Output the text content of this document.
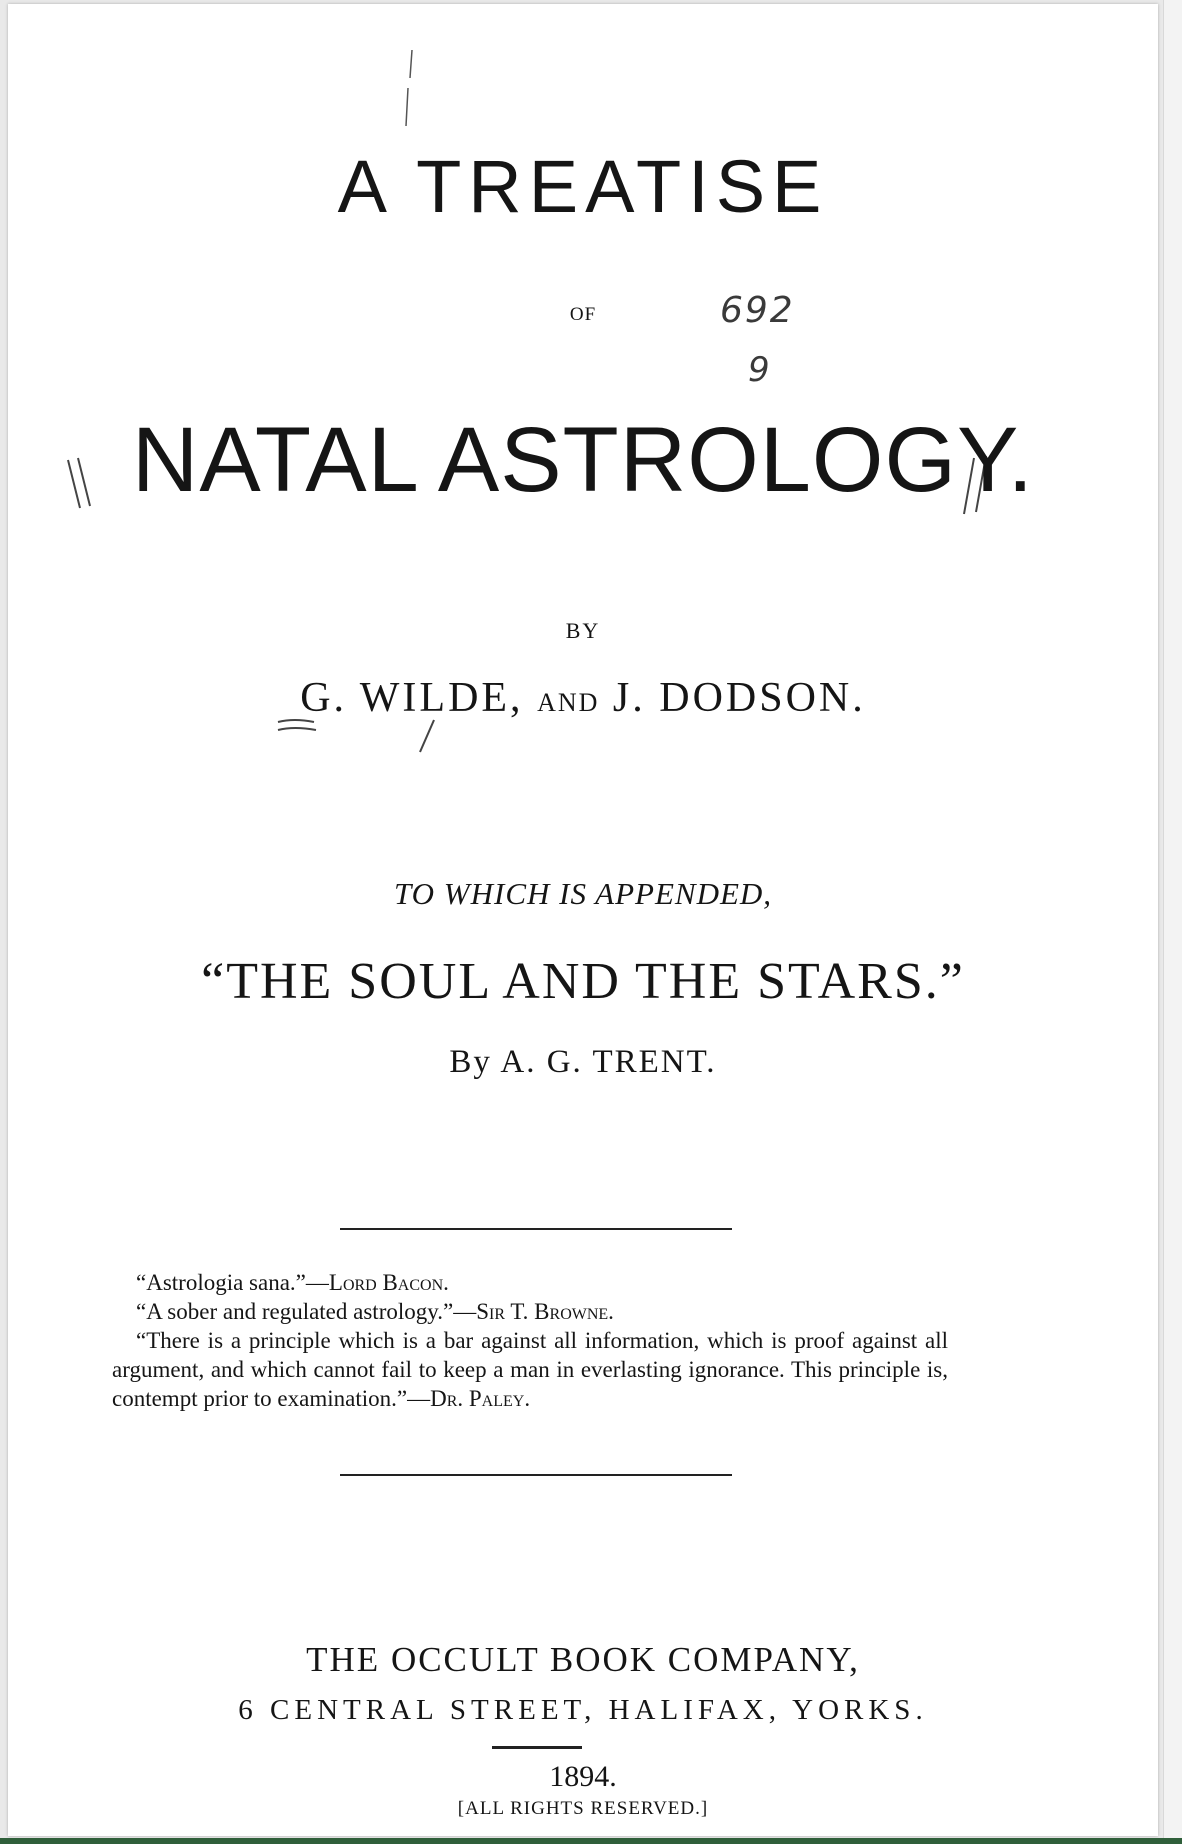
A TREATISE
OF	692
9
NATAL ASTROLOGY.
BY
G. WILDE, AND J. DODSON.
TO WHICH IS APPENDED,
“THE SOUL AND THE STARS.”
By A. G. TRENT.

“Astrologia sana.”—Lord Bacon.

“A sober and regulated astrology.”—Sir T. Browne.

“There is a principle which is a bar against all information, which is proof against all argument, and which cannot fail to keep a man in everlasting ignorance. This principle is, contempt prior to examination.”—Dr. Paley.

THE OCCULT BOOK COMPANY,
6 CENTRAL STREET, HALIFAX, YORKS.
1894.
[ALL RIGHTS RESERVED.]
